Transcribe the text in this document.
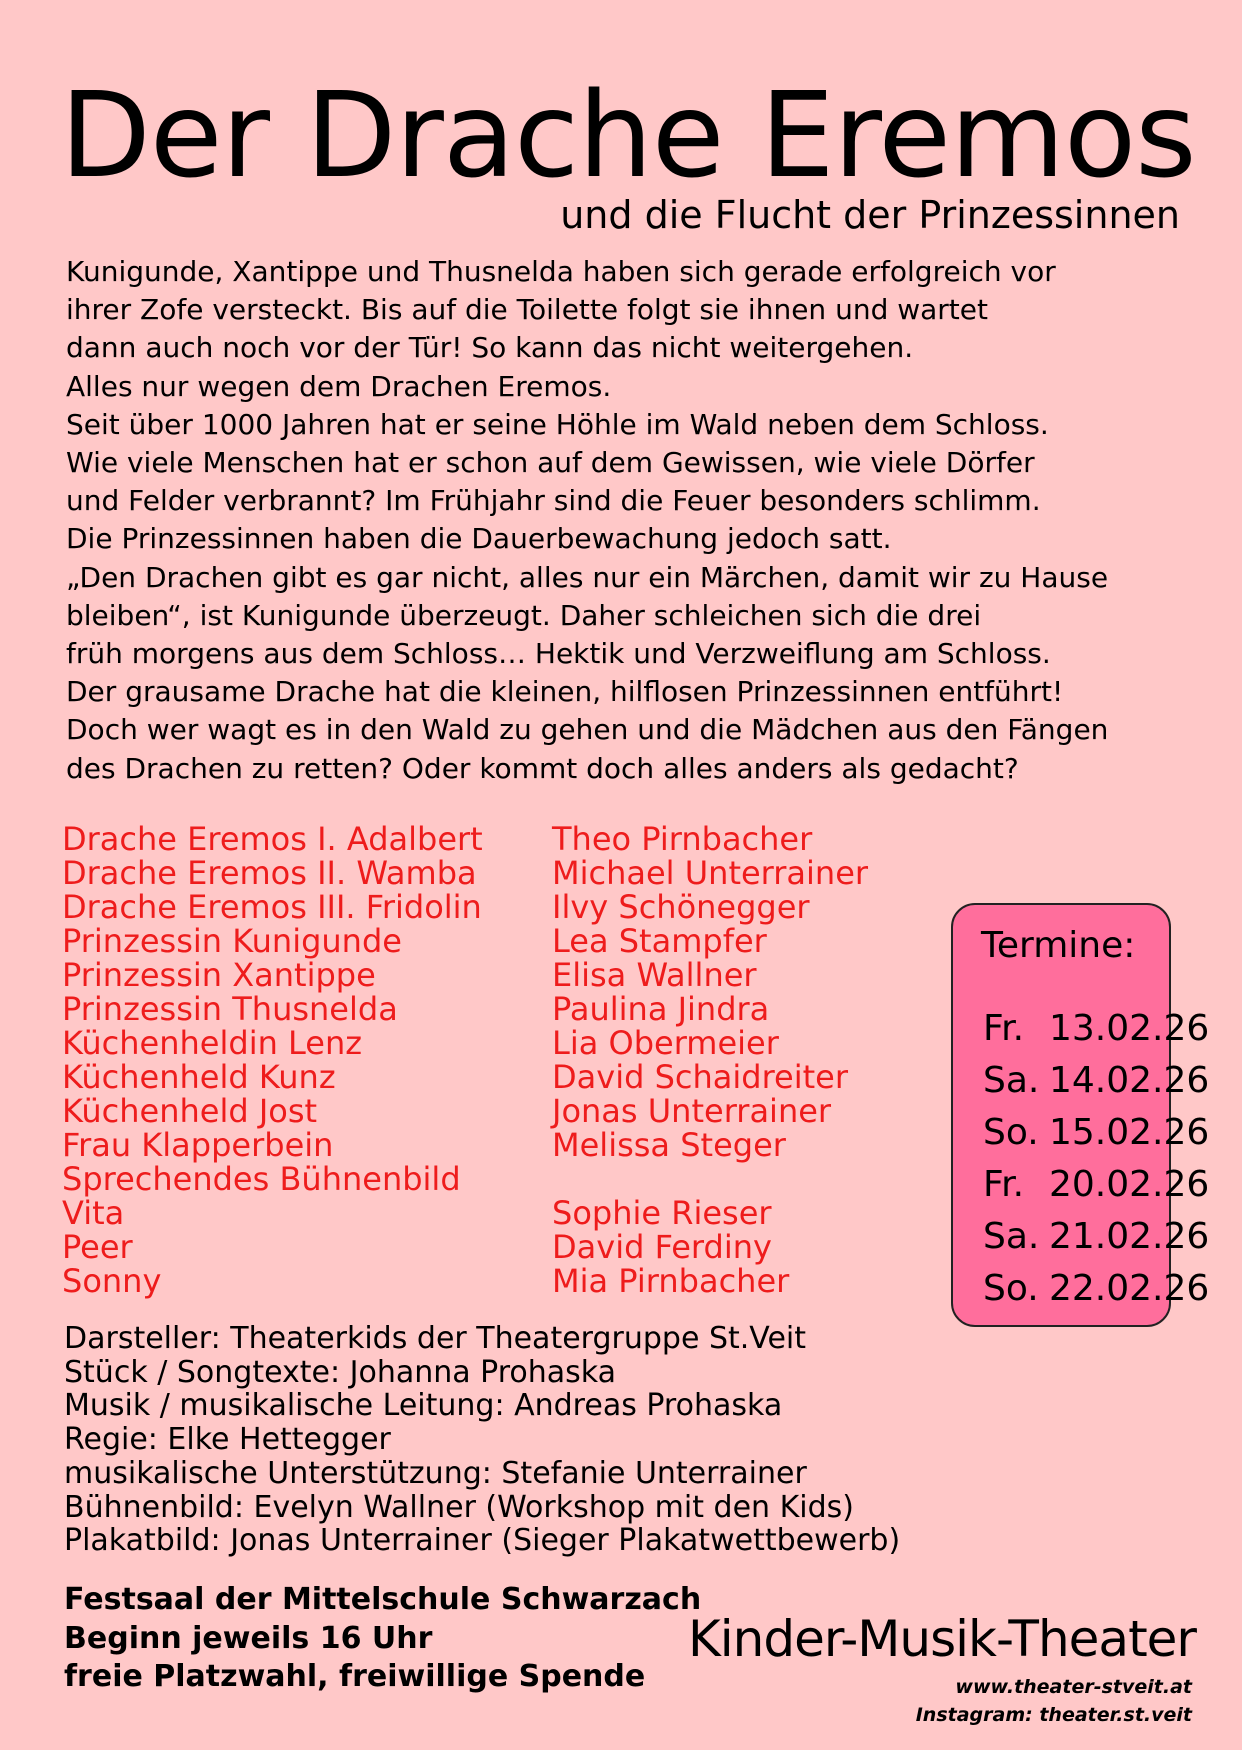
Der Drache Eremos
und die Flucht der Prinzessinnen
Kunigunde, Xantippe und Thusnelda haben sich gerade erfolgreich vor
ihrer Zofe versteckt. Bis auf die Toilette folgt sie ihnen und wartet
dann auch noch vor der Tür! So kann das nicht weitergehen.
Alles nur wegen dem Drachen Eremos.
Seit über 1000 Jahren hat er seine Höhle im Wald neben dem Schloss.
Wie viele Menschen hat er schon auf dem Gewissen, wie viele Dörfer
und Felder verbrannt? Im Frühjahr sind die Feuer besonders schlimm.
Die Prinzessinnen haben die Dauerbewachung jedoch satt.
„Den Drachen gibt es gar nicht, alles nur ein Märchen, damit wir zu Hause
bleiben“, ist Kunigunde überzeugt. Daher schleichen sich die drei
früh morgens aus dem Schloss… Hektik und Verzweiflung am Schloss.
Der grausame Drache hat die kleinen, hilflosen Prinzessinnen entführt!
Doch wer wagt es in den Wald zu gehen und die Mädchen aus den Fängen
des Drachen zu retten? Oder kommt doch alles anders als gedacht?
Drache Eremos I. Adalbert
Drache Eremos II. Wamba
Drache Eremos III. Fridolin
Prinzessin Kunigunde
Prinzessin Xantippe
Prinzessin Thusnelda
Küchenheldin Lenz
Küchenheld Kunz
Küchenheld Jost
Frau Klapperbein
Sprechendes Bühnenbild
Vita
Peer
Sonny
Theo Pirnbacher
Michael Unterrainer
Ilvy Schönegger
Lea Stampfer
Elisa Wallner
Paulina Jindra
Lia Obermeier
David Schaidreiter
Jonas Unterrainer
Melissa Steger
Sophie Rieser
David Ferdiny
Mia Pirnbacher
Termine:
Fr. 13.02.26
Sa. 14.02.26
So. 15.02.26
Fr. 20.02.26
Sa. 21.02.26
So. 22.02.26
Darsteller: Theaterkids der Theatergruppe St.Veit
Stück / Songtexte: Johanna Prohaska
Musik / musikalische Leitung: Andreas Prohaska
Regie: Elke Hettegger
musikalische Unterstützung: Stefanie Unterrainer
Bühnenbild: Evelyn Wallner (Workshop mit den Kids)
Plakatbild: Jonas Unterrainer (Sieger Plakatwettbewerb)
Festsaal der Mittelschule Schwarzach
Beginn jeweils 16 Uhr
freie Platzwahl, freiwillige Spende
Kinder-Musik-Theater
www.theater-stveit.at
Instagram: theater.st.veit
